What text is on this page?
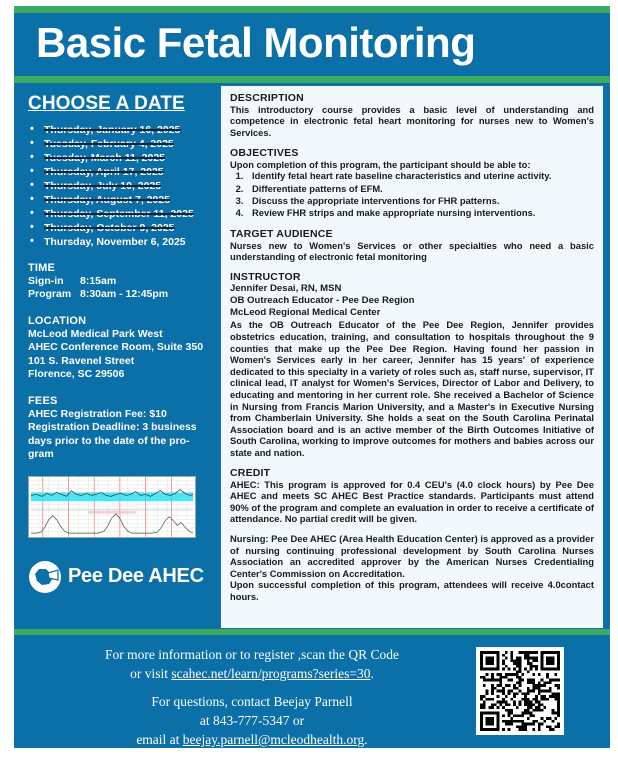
Basic Fetal Monitoring
CHOOSE A DATE
• Thursday, January 16, 2025
• Tuesday, February 4, 2025
• Tuesday, March 11, 2025
• Thursday, April 17, 2025
• Thursday, July 10, 2025
• Thursday, August 7, 2025
• Thursday, September 11, 2025
• Thursday, October 9, 2025
• Thursday, November 6, 2025
TIME
Sign-in 8:15am
Program 8:30am - 12:45pm
LOCATION
McLeod Medical Park West
AHEC Conference Room, Suite 350
101 S. Ravenel Street
Florence, SC 29506
FEES
AHEC Registration Fee: $10
Registration Deadline: 3 business days prior to the date of the pro-gram
Pee Dee AHEC
DESCRIPTION
This introductory course provides a basic level of understanding and competence in electronic fetal heart monitoring for nurses new to Women's Services.
OBJECTIVES
Upon completion of this program, the participant should be able to:
1. Identify fetal heart rate baseline characteristics and uterine activity.
2. Differentiate patterns of EFM.
3. Discuss the appropriate interventions for FHR patterns.
4. Review FHR strips and make appropriate nursing interventions.
TARGET AUDIENCE
Nurses new to Women's Services or other specialties who need a basic understanding of electronic fetal monitoring
INSTRUCTOR
Jennifer Desai, RN, MSN
OB Outreach Educator - Pee Dee Region
McLeod Regional Medical Center
As the OB Outreach Educator of the Pee Dee Region, Jennifer provides obstetrics education, training, and consultation to hospitals throughout the 9 counties that make up the Pee Dee Region. Having found her passion in Women's Services early in her career, Jennifer has 15 years' of experience dedicated to this specialty in a variety of roles such as, staff nurse, supervisor, IT clinical lead, IT analyst for Women's Services, Director of Labor and Delivery, to educating and mentoring in her current role. She received a Bachelor of Science in Nursing from Francis Marion University, and a Master's in Executive Nursing from Chamberlain University. She holds a seat on the South Carolina Perinatal Association board and is an active member of the Birth Outcomes Initiative of South Carolina, working to improve outcomes for mothers and babies across our state and nation.
CREDIT
AHEC: This program is approved for 0.4 CEU's (4.0 clock hours) by Pee Dee AHEC and meets SC AHEC Best Practice standards. Participants must attend 90% of the program and complete an evaluation in order to receive a certificate of attendance. No partial credit will be given.
Nursing: Pee Dee AHEC (Area Health Education Center) is approved as a provider of nursing continuing professional development by South Carolina Nurses Association an accredited approver by the American Nurses Credentialing Center's Commission on Accreditation.
Upon successful completion of this program, attendees will receive 4.0contact hours.
For more information or to register ,scan the QR Code
or visit scahec.net/learn/programs?series=30.
For questions, contact Beejay Parnell
at 843-777-5347 or
email at beejay.parnell@mcleodhealth.org.
